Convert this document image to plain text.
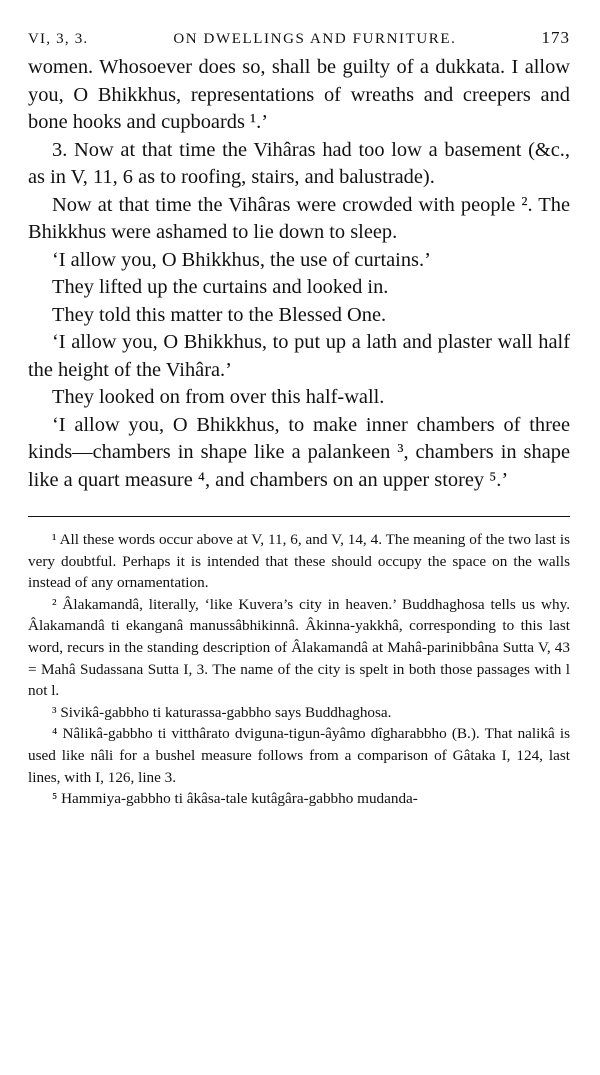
VI, 3, 3.	ON DWELLINGS AND FURNITURE.	173

women. Whosoever does so, shall be guilty of a dukkata. I allow you, O Bhikkhus, representations of wreaths and creepers and bone hooks and cupboards ¹.’

3. Now at that time the Vihâras had too low a basement (&c., as in V, 11, 6 as to roofing, stairs, and balustrade).

Now at that time the Vihâras were crowded with people ². The Bhikkhus were ashamed to lie down to sleep.

‘I allow you, O Bhikkhus, the use of curtains.’

They lifted up the curtains and looked in.

They told this matter to the Blessed One.

‘I allow you, O Bhikkhus, to put up a lath and plaster wall half the height of the Vihâra.’

They looked on from over this half-wall.

‘I allow you, O Bhikkhus, to make inner chambers of three kinds—chambers in shape like a palankeen ³, chambers in shape like a quart measure ⁴, and chambers on an upper storey ⁵.’

¹ All these words occur above at V, 11, 6, and V, 14, 4. The meaning of the two last is very doubtful. Perhaps it is intended that these should occupy the space on the walls instead of any ornamentation.

² Âlakamandâ, literally, ‘like Kuvera’s city in heaven.’ Buddhaghosa tells us why. Âlakamandâ ti ekanganâ manussâbhikinnâ. Âkinna-yakkhâ, corresponding to this last word, recurs in the standing description of Âlakamandâ at Mahâ-parinibbâna Sutta V, 43 = Mahâ Sudassana Sutta I, 3. The name of the city is spelt in both those passages with l not l.

³ Sivikâ-gabbho ti katurassa-gabbho says Buddhaghosa.

⁴ Nâlikâ-gabbho ti vitthârato dvigunа-tigun-âyâmo dîgharabbho (B.). That nalikâ is used like nâli for a bushel measure follows from a comparison of Gâtaka I, 124, last lines, with I, 126, line 3.

⁵ Hammiya-gabbho ti âkâsa-tale kutâgâra-gabbho mudanda-
